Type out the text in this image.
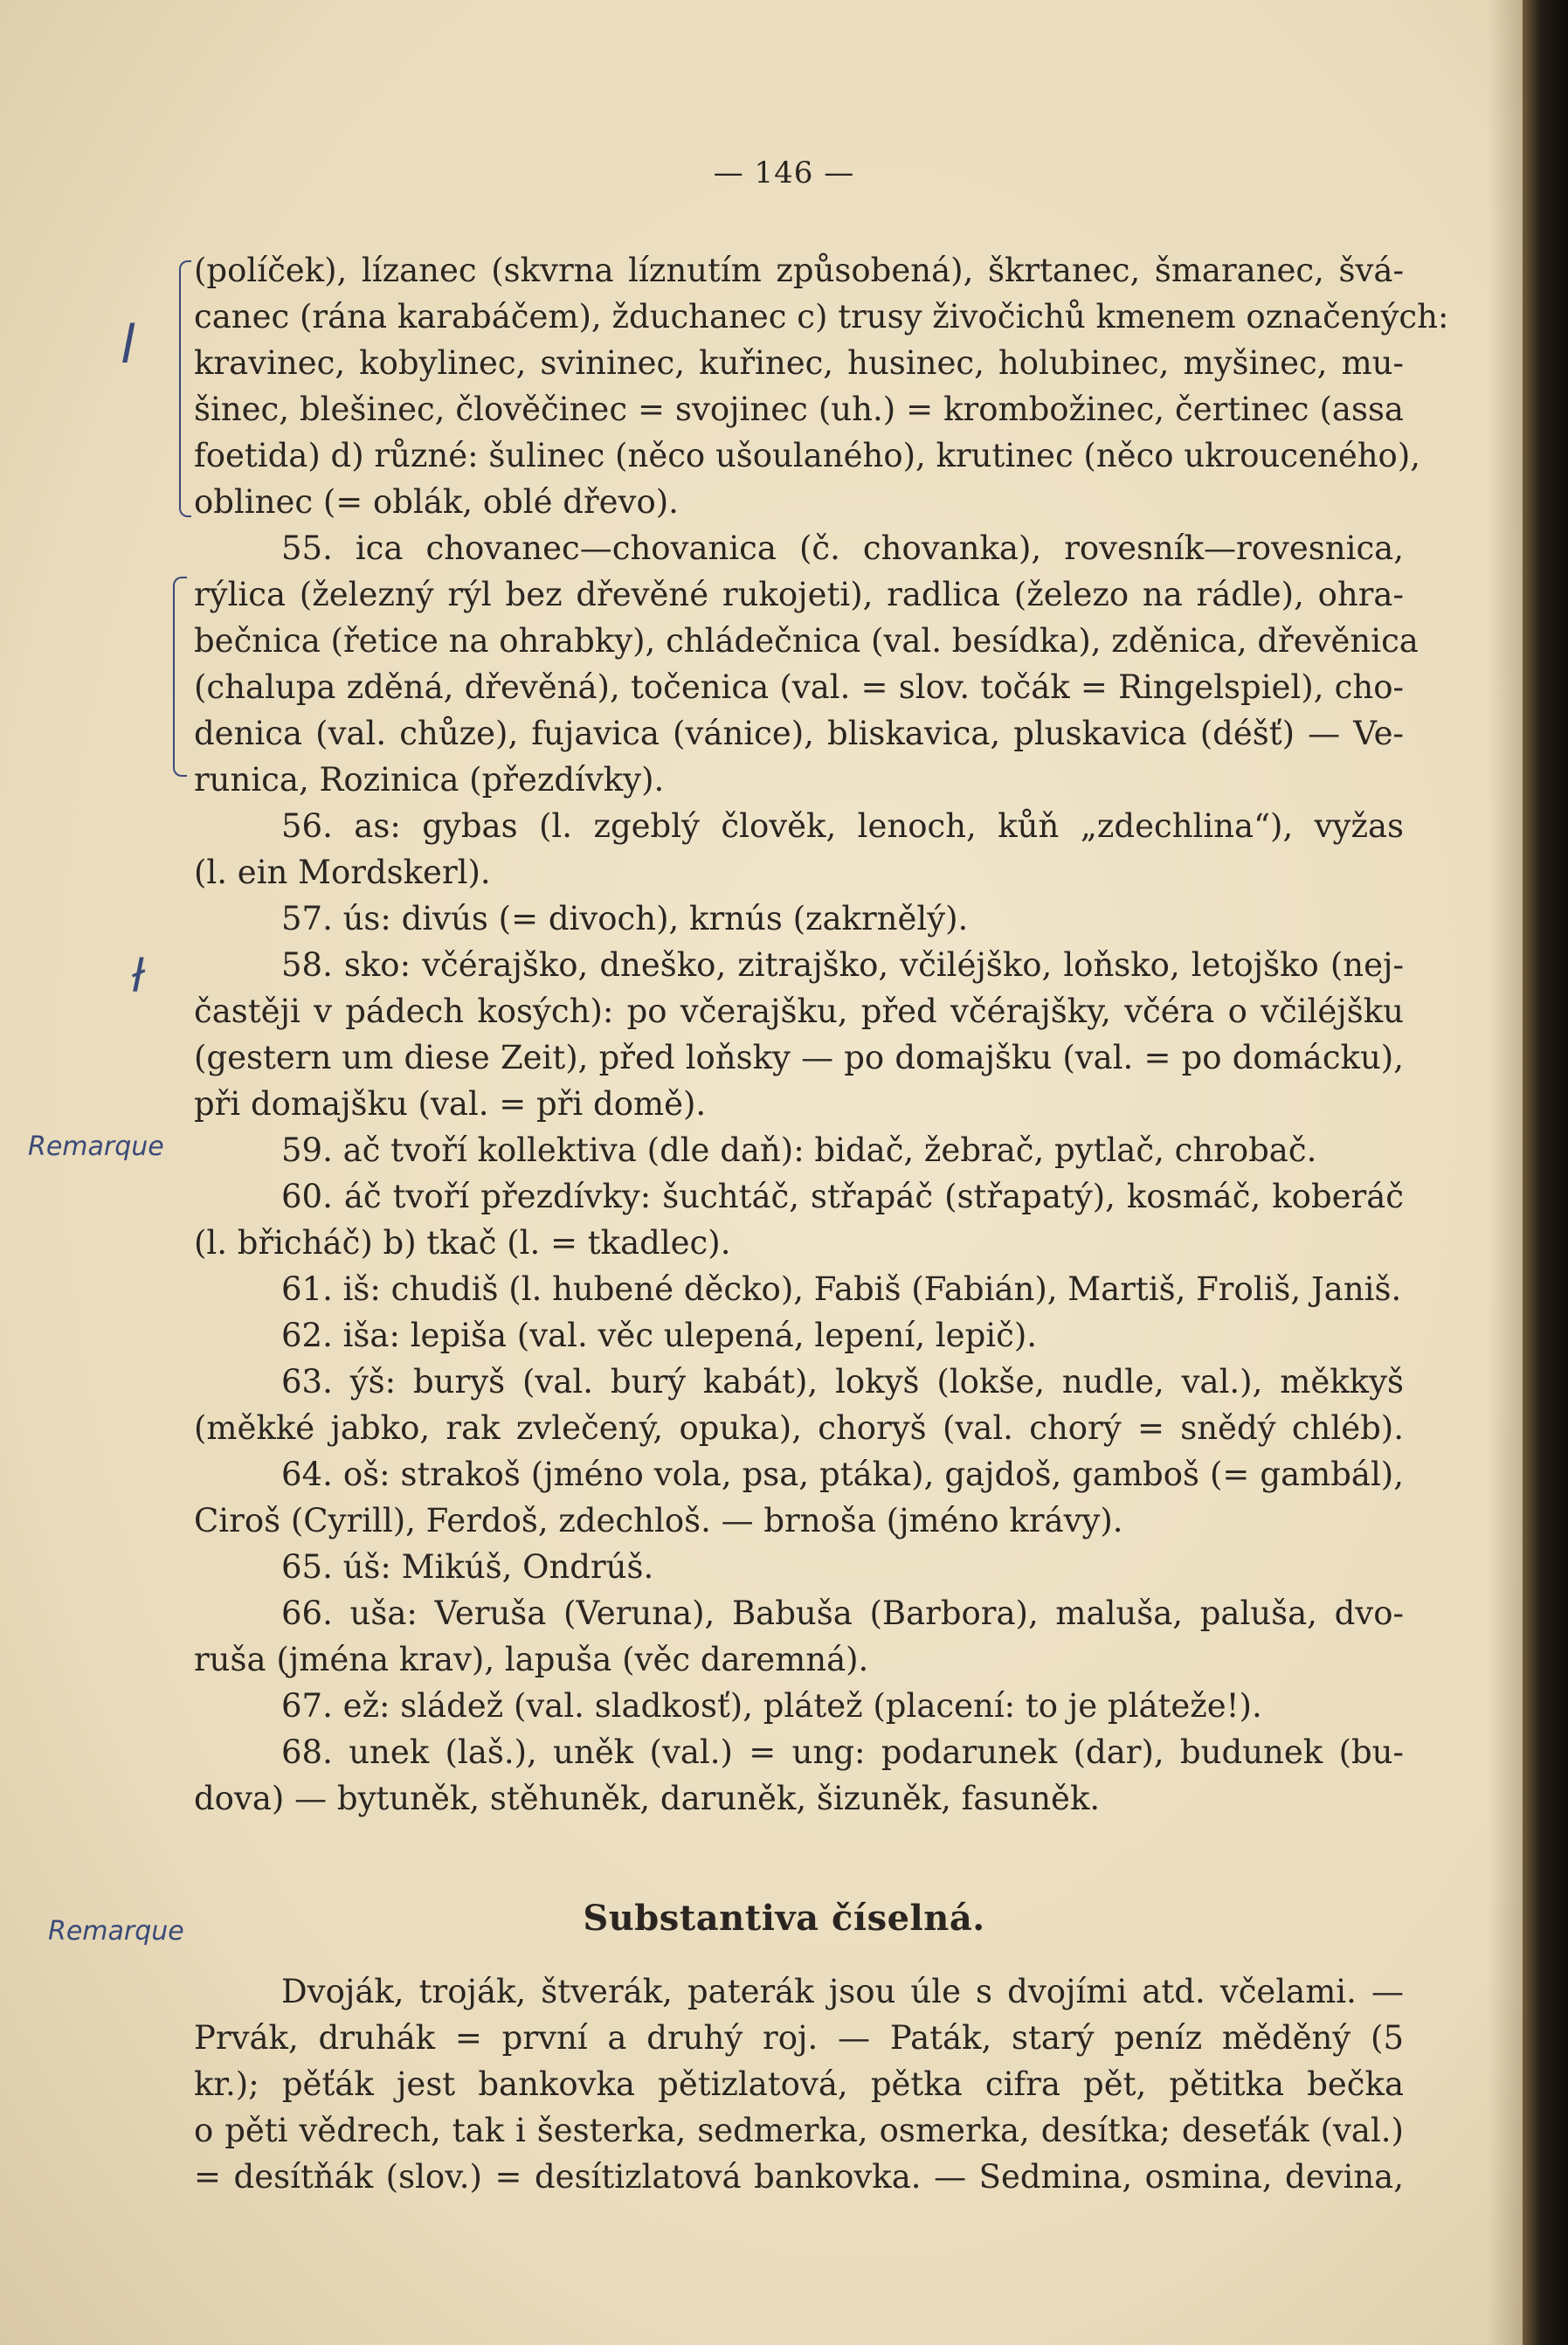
— 146 —
l
ł
Remarque
Remarque
(políček), lízanec (skvrna líznutím způsobená), škrtanec, šmaranec, švá-
canec (rána karabáčem), žduchanec c) trusy živočichů kmenem označených:
kravinec, kobylinec, svininec, kuřinec, husinec, holubinec, myšinec, mu-
šinec, blešinec, člověčinec = svojinec (uh.) = krombožinec, čertinec (assa
foetida) d) různé: šulinec (něco ušoulaného), krutinec (něco ukrouceného),
oblinec (= oblák, oblé dřevo).
55. ica chovanec—chovanica (č. chovanka), rovesník—rovesnica,
rýlica (železný rýl bez dřevěné rukojeti), radlica (železo na rádle), ohra-
bečnica (řetice na ohrabky), chládečnica (val. besídka), zděnica, dřevěnica
(chalupa zděná, dřevěná), točenica (val. = slov. točák = Ringelspiel), cho-
denica (val. chůze), fujavica (vánice), bliskavica, pluskavica (déšť) — Ve-
runica, Rozinica (přezdívky).
56. as: gybas (l. zgeblý člověk, lenoch, kůň „zdechlina“), vyžas
(l. ein Mordskerl).
57. ús: divús (= divoch), krnús (zakrnělý).
58. sko: včérajško, dneško, zitrajško, včiléjško, loňsko, letojško (nej-
častěji v pádech kosých): po včerajšku, před včérajšky, včéra o včiléjšku
(gestern um diese Zeit), před loňsky — po domajšku (val. = po domácku),
při domajšku (val. = při domě).
59. ač tvoří kollektiva (dle daň): bidač, žebrač, pytlač, chrobač.
60. áč tvoří přezdívky: šuchtáč, střapáč (střapatý), kosmáč, koberáč
(l. břicháč) b) tkač (l. = tkadlec).
61. iš: chudiš (l. hubené děcko), Fabiš (Fabián), Martiš, Froliš, Janiš.
62. iša: lepiša (val. věc ulepená, lepení, lepič).
63. ýš: buryš (val. burý kabát), lokyš (lokše, nudle, val.), měkkyš
(měkké jabko, rak zvlečený, opuka), choryš (val. chorý = snědý chléb).
64. oš: strakoš (jméno vola, psa, ptáka), gajdoš, gamboš (= gambál),
Ciroš (Cyrill), Ferdoš, zdechloš. — brnoša (jméno krávy).
65. úš: Mikúš, Ondrúš.
66. uša: Veruša (Veruna), Babuša (Barbora), maluša, paluša, dvo-
ruša (jména krav), lapuša (věc daremná).
67. ež: sládež (val. sladkosť), plátež (placení: to je pláteže!).
68. unek (laš.), uněk (val.) = ung: podarunek (dar), budunek (bu-
dova) — bytuněk, stěhuněk, daruněk, šizuněk, fasuněk.
Substantiva číselná.
Dvoják, troják, štverák, paterák jsou úle s dvojími atd. včelami. —
Prvák, druhák = první a druhý roj. — Paták, starý peníz měděný (5
kr.); pěťák jest bankovka pětizlatová, pětka cifra pět, pětitka bečka
o pěti vědrech, tak i šesterka, sedmerka, osmerka, desítka; deseťák (val.)
= desítňák (slov.) = desítizlatová bankovka. — Sedmina, osmina, devina,
